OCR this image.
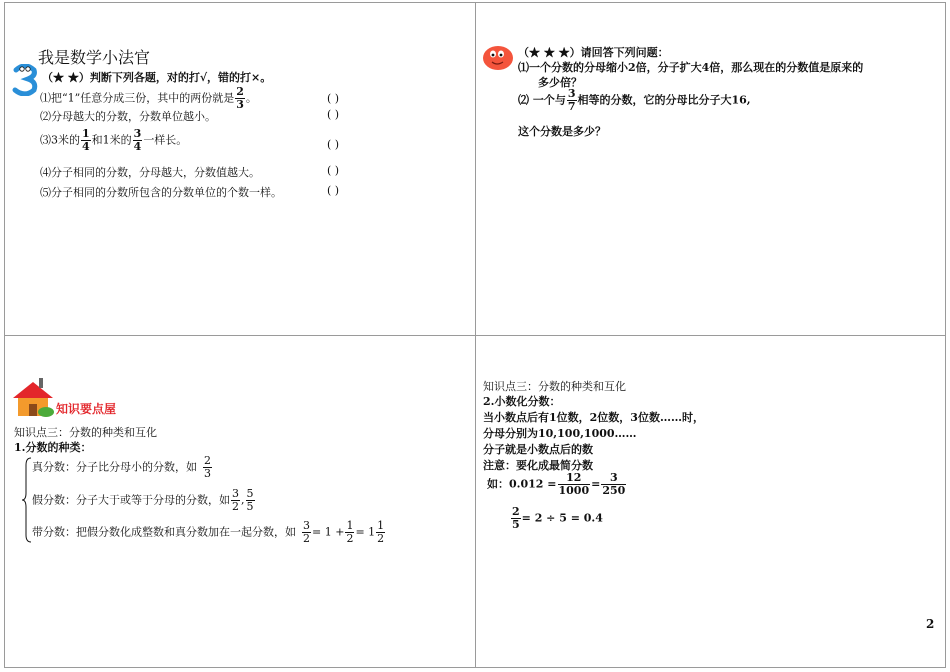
我是数学小法官
（★ ★）判断下列各题，对的打√，错的打×。
⑴把“1”任意分成三份，其中的两份就是 $\frac{2}{3}$ 。	( )
⑵分母越大的分数，分数单位越小。	( )
⑶3米的 $\frac{1}{4}$ 和1米的 $\frac{3}{4}$ 一样长。	( )
⑷分子相同的分数，分母越大，分数值越大。	( )
⑸分子相同的分数所包含的分数单位的个数一样。	( )
（★ ★ ★）请回答下列问题：
⑴一个分数的分母缩小2倍，分子扩大4倍，那么现在的分数值是原来的
多少倍？
⑵ 一个与 $\frac{3}{7}$ 相等的分数，它的分母比分子大16,
这个分数是多少？
知识要点屋
知识点三：分数的种类和互化
1.分数的种类：
真分数：分子比分母小的分数，如 $\frac{2}{3}$
假分数：分子大于或等于分母的分数，如 $\frac{3}{2}$ , $\frac{5}{5}$
带分数：把假分数化成整数和真分数加在一起分数，如 $\frac{3}{2} = 1 + \frac{1}{2} = 1 \frac{1}{2}$
知识点三：分数的种类和互化
2.小数化分数：
当小数点后有1位数，2位数，3位数……时，
分母分别为10,100,1000……
分子就是小数点后的数
注意：要化成最简分数
如：$0.012 = \frac{12}{1000} = \frac{3}{250}$
$\frac{2}{5} = 2 \div 5 = 0.4$
2
